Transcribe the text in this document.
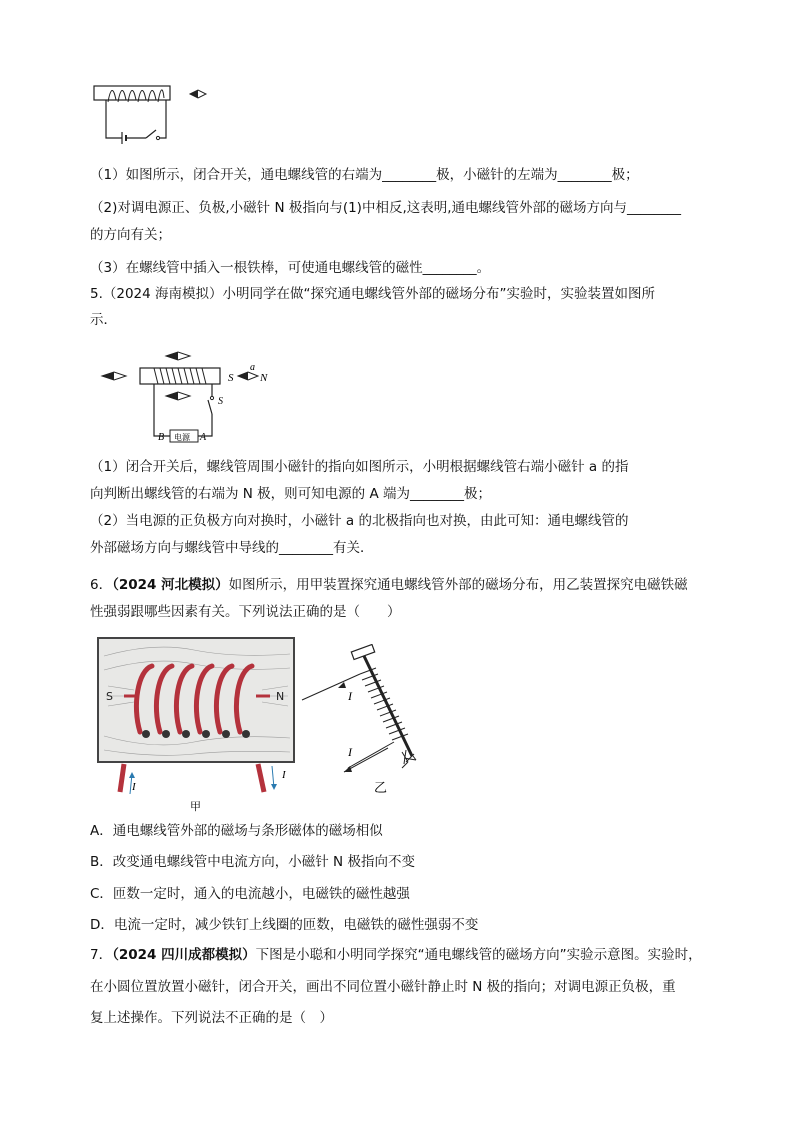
（1）如图所示，闭合开关，通电螺线管的右端为________极，小磁针的左端为________极；
（2)对调电源正、负极,小磁针 N 极指向与(1)中相反,这表明,通电螺线管外部的磁场方向与________
的方向有关；
（3）在螺线管中插入一根铁棒，可使通电螺线管的磁性________。
5.（2024 海南模拟）小明同学在做“探究通电螺线管外部的磁场分布”实验时，实验装置如图所
示．
S
a
N
电源
B	A
S
（1）闭合开关后，螺线管周围小磁针的指向如图所示，小明根据螺线管右端小磁针 a 的指
向判断出螺线管的右端为 N 极，则可知电源的 A 端为________极；
（2）当电源的正负极方向对换时，小磁针 a 的北极指向也对换，由此可知：通电螺线管的
外部磁场方向与螺线管中导线的________有关．
6．（2024 河北模拟）如图所示，用甲装置探究通电螺线管外部的磁场分布，用乙装置探究电磁铁磁
性强弱跟哪些因素有关。下列说法正确的是（　　）
S	N
I
I
甲
I
I
乙
A．通电螺线管外部的磁场与条形磁体的磁场相似
B．改变通电螺线管中电流方向，小磁针 N 极指向不变
C．匝数一定时，通入的电流越小，电磁铁的磁性越强
D．电流一定时，减少铁钉上线圈的匝数，电磁铁的磁性强弱不变
7．（2024 四川成都模拟）下图是小聪和小明同学探究“通电螺线管的磁场方向”实验示意图。实验时，
在小圆位置放置小磁针，闭合开关，画出不同位置小磁针静止时 N 极的指向；对调电源正负极，重
复上述操作。下列说法不正确的是（　）
